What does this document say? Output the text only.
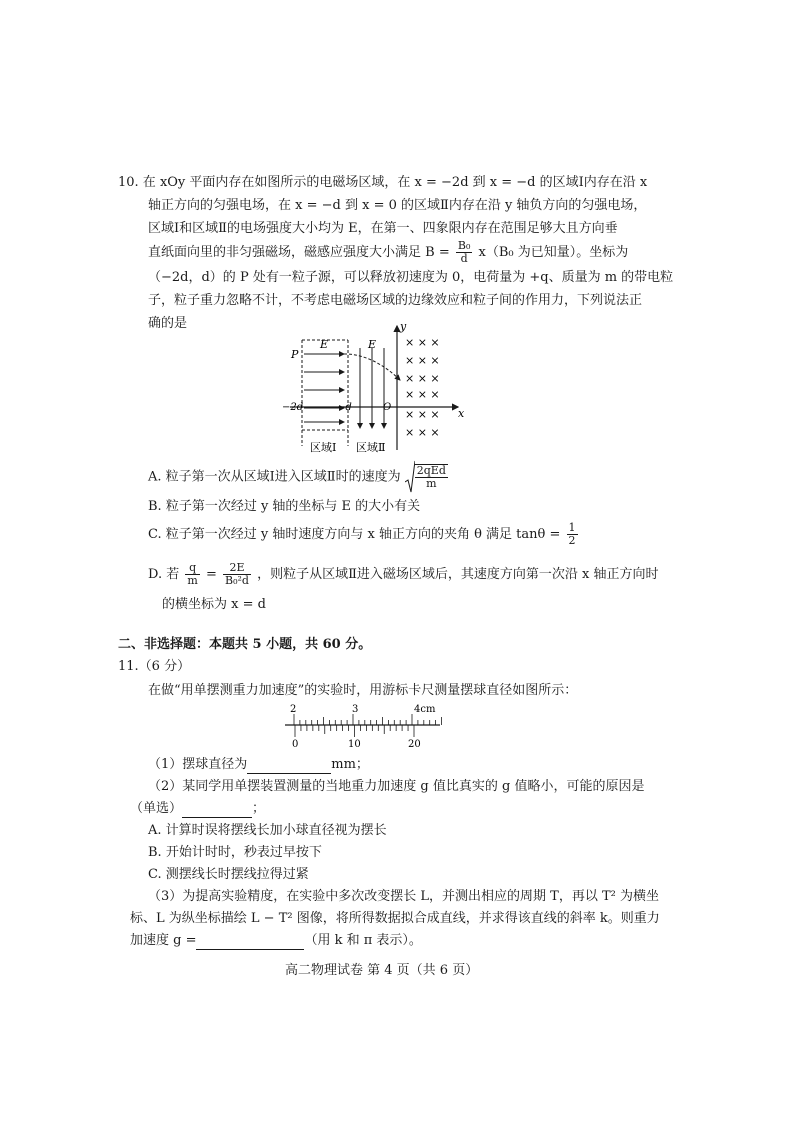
10. 在 xOy 平面内存在如图所示的电磁场区域，在 x = −2d 到 x = −d 的区域Ⅰ内存在沿 x
轴正方向的匀强电场，在 x = −d 到 x = 0 的区域Ⅱ内存在沿 y 轴负方向的匀强电场，
区域Ⅰ和区域Ⅱ的电场强度大小均为 E，在第一、四象限内存在范围足够大且方向垂
直纸面向里的非匀强磁场，磁感应强度大小满足 $B = \frac{\text{B₀}}{d} x(B_0$ 为已知量）。坐标为
（−2d，d）的 P 处有一粒子源，可以释放初速度为 0，电荷量为 +q、质量为 m 的带电粒
子，粒子重力忽略不计，不考虑电磁场区域的边缘效应和粒子间的作用力，下列说法正
确的是	y
x
P
E	E
−2d	−d	O
区域Ⅰ 区域Ⅱ
× × ×
× × ×
× × ×
× × ×
× × ×
× × ×
A. 粒子第一次从区域Ⅰ进入区域Ⅱ时的速度为 $\frac{\text{2qEd}}{m}$
B. 粒子第一次经过 y 轴的坐标与 E 的大小有关
C. 粒子第一次经过 y 轴时速度方向与 x 轴正方向的夹角 θ 满足 $\tan\theta = \frac{1}{2}$
D. 若 $\frac{q}{m} = \frac{2E}{\text{B₀²d}}$ ，则粒子从区域Ⅱ进入磁场区域后，其速度方向第一次沿 x 轴正方向时
的横坐标为 x = d
二、非选择题：本题共 5 小题，共 60 分。
11.（6 分）
在做“用单摆测重力加速度”的实验时，用游标卡尺测量摆球直径如图所示：
2	3	4cm
0	10	20
（1）摆球直径为	mm；
（2）某同学用单摆装置测量的当地重力加速度 g 值比真实的 g 值略小，可能的原因是
（单选）	；
A. 计算时误将摆线长加小球直径视为摆长
B. 开始计时时，秒表过早按下
C. 测摆线长时摆线拉得过紧
（3）为提高实验精度，在实验中多次改变摆长 L，并测出相应的周期 T，再以 T² 为横坐
标、L 为纵坐标描绘 L − T² 图像，将所得数据拟合成直线，并求得该直线的斜率 k。则重力
加速度 g =	（用 k 和 π 表示）。
高二物理试卷 第 4 页（共 6 页）
